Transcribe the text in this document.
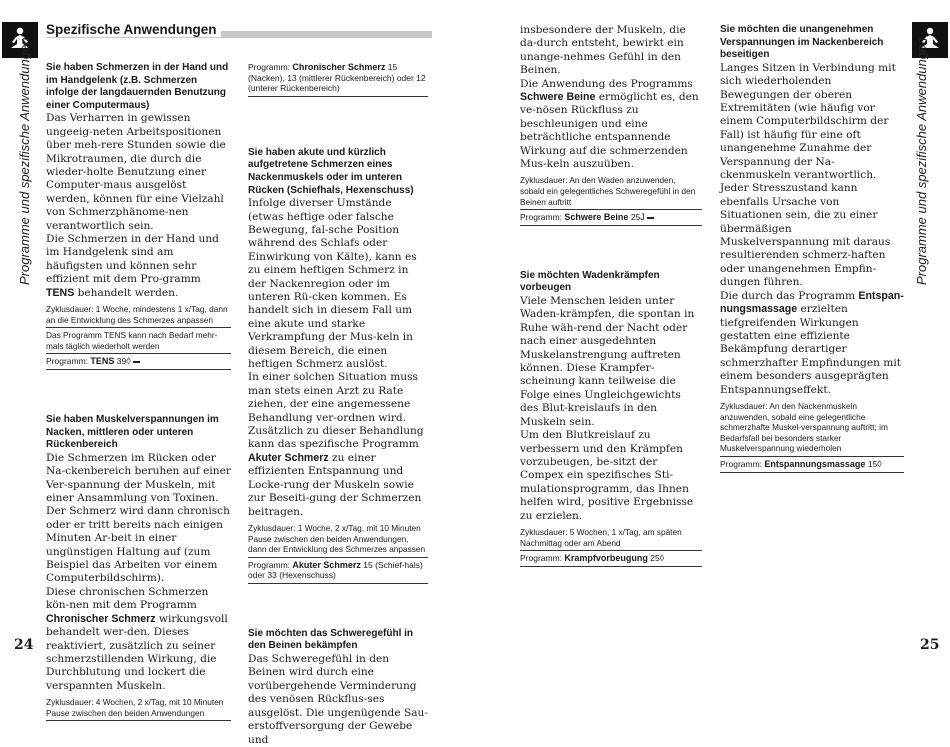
Programme und spezifische Anwendungen	Programme und spezifische Anwendungen
Spezifische Anwendungen

Sie haben Schmerzen in der Hand und im Handgelenk (z.B. Schmerzen infolge der langdauernden Benutzung einer Computermaus)

Das Verharren in gewissen ungeeig-neten Arbeitspositionen über meh-rere Stunden sowie die Mikrotraumen, die durch die wieder-holte Benutzung einer Computer-maus ausgelöst werden, können für eine Vielzahl von Schmerzphänome-nen verantwortlich sein.

Die Schmerzen in der Hand und im Handgelenk sind am häufigsten und können sehr effizient mit dem Pro-gramm TENS behandelt werden.

Zyklusdauer: 1 Woche, mindestens 1 x/Tag, dann an die Entwicklung des Schmerzes anpassen
Das Programm TENS kann nach Bedarf mehr-mals täglich wiederholt werden
Programm: TENS 39◊

Sie haben Muskelverspannungen im Nacken, mittleren oder unteren Rückenbereich

Die Schmerzen im Rücken oder Na-ckenbereich beruhen auf einer Ver-spannung der Muskeln, mit einer Ansammlung von Toxinen. Der Schmerz wird dann chronisch oder er tritt bereits nach einigen Minuten Ar-beit in einer ungünstigen Haltung auf (zum Beispiel das Arbeiten vor einem Computerbildschirm).

Diese chronischen Schmerzen kön-nen mit dem Programm Chronischer Schmerz wirkungsvoll behandelt wer-den. Dieses reaktiviert, zusätzlich zu seiner schmerzstillenden Wirkung, die Durchblutung und lockert die verspannten Muskeln.

Zyklusdauer: 4 Wochen, 2 x/Tag, mit 10 Minuten Pause zwischen den beiden Anwendungen
Programm: Chronischer Schmerz 15 (Nacken), 13 (mittlerer Rückenbereich) oder 12 (unterer Rückenbereich)

Sie haben akute und kürzlich aufgetretene Schmerzen eines Nackenmuskels oder im unteren Rücken (Schiefhals, Hexenschuss)

Infolge diverser Umstände (etwas heftige oder falsche Bewegung, fal-sche Position während des Schlafs oder Einwirkung von Kälte), kann es zu einem heftigen Schmerz in der Nackenregion oder im unteren Rü-cken kommen. Es handelt sich in diesem Fall um eine akute und starke Verkrampfung der Mus-keln in diesem Bereich, die einen heftigen Schmerz auslöst.

In einer solchen Situation muss man stets einen Arzt zu Rate ziehen, der eine angemessene Behandlung ver-ordnen wird. Zusätzlich zu dieser Behandlung kann das spezifische Programm Akuter Schmerz zu einer effizienten Entspannung und Locke-rung der Muskeln sowie zur Beseiti-gung der Schmerzen beitragen.

Zyklusdauer: 1 Woche, 2 x/Tag, mit 10 Minuten Pause zwischen den beiden Anwendungen, dann der Entwicklung des Schmerzes anpassen
Programm: Akuter Schmerz 15 (Schief-hals) oder 33 (Hexenschuss)

Sie möchten das Schweregefühl in den Beinen bekämpfen

Das Schweregefühl in den Beinen wird durch eine vorübergehende Verminderung des venösen Rückflus-ses ausgelöst. Die ungenügende Sau-erstoffversorgung der Gewebe und

insbesondere der Muskeln, die da-durch entsteht, bewirkt ein unange-nehmes Gefühl in den Beinen.

Die Anwendung des Programms Schwere Beine ermöglicht es, den ve-nösen Rückfluss zu beschleunigen und eine beträchtliche entspannende Wirkung auf die schmerzenden Mus-keln auszuüben.

Zyklusdauer: An den Waden anzuwenden, sobald ein gelegentliches Schweregefühl in den Beinen auftritt
Programm: Schwere Beine 25J

Sie möchten Wadenkrämpfen vorbeugen

Viele Menschen leiden unter Waden-krämpfen, die spontan in Ruhe wäh-rend der Nacht oder nach einer ausgedehnten Muskelanstrengung auftreten können. Diese Krampfer-scheinung kann teilweise die Folge eines Ungleichgewichts des Blut-kreislaufs in den Muskeln sein.

Um den Blutkreislauf zu verbessern und den Krämpfen vorzubeugen, be-sitzt der Compex ein spezifisches Sti-mulationsprogramm, das Ihnen helfen wird, positive Ergebnisse zu erzielen.

Zyklusdauer: 5 Wochen, 1 x/Tag, am späten Nachmittag oder am Abend
Programm: Krampfvorbeugung 25◊

Sie möchten die unangenehmen Verspannungen im Nackenbereich beseitigen

Langes Sitzen in Verbindung mit sich wiederholenden Bewegungen der oberen Extremitäten (wie häufig vor einem Computerbildschirm der Fall) ist häufig für eine oft unangenehme Zunahme der Verspannung der Na-ckenmuskeln verantwortlich. Jeder Stresszustand kann ebenfalls Ursache von Situationen sein, die zu einer übermäßigen Muskelverspannung mit daraus resultierenden schmerz-haften oder unangenehmen Empfin-dungen führen.

Die durch das Programm Entspan-nungsmassage erzielten tiefgreifenden Wirkungen gestatten eine effiziente Bekämpfung derartiger schmerzhafter Empfindungen mit einem besonders ausgeprägten Entspannungseffekt.

Zyklusdauer: An den Nackenmuskeln anzuwenden, sobald eine gelegentliche schmerzhafte Muskel-verspannung auftritt; im Bedarfsfall bei besonders starker Muskelverspannung wiederholen
Programm: Entspannungsmassage 15◊
24	25
